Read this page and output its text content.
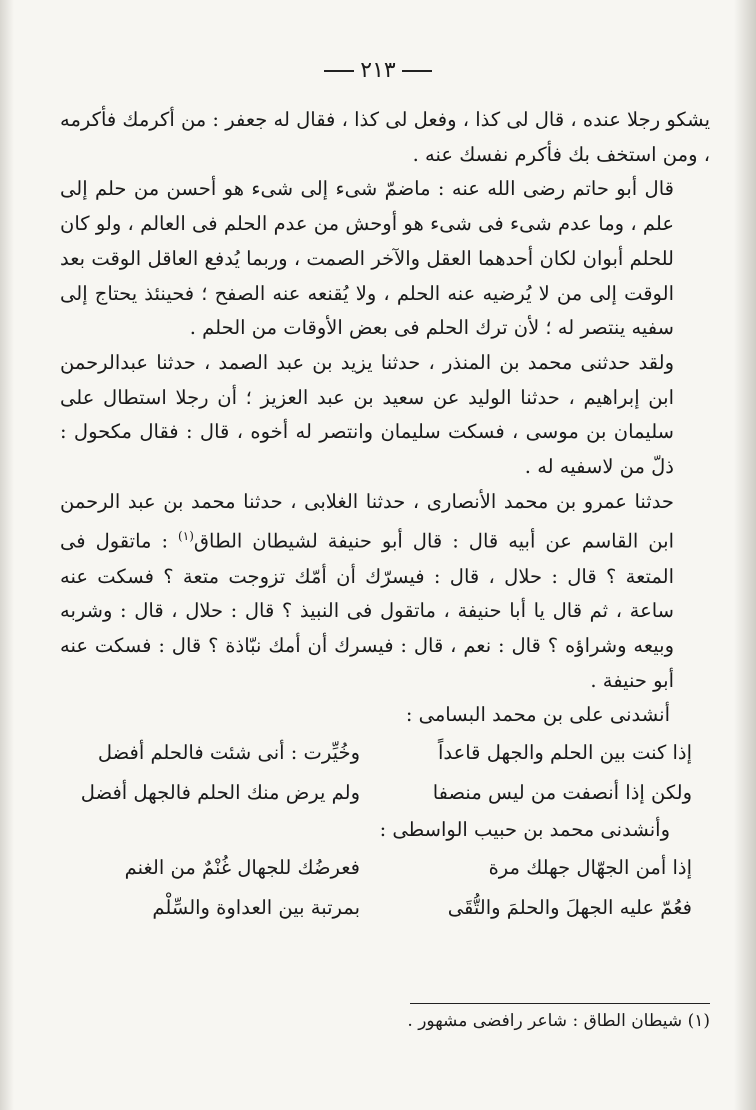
٢١٣

يشكو رجلا عنده ، قال لى كذا ، وفعل لى كذا ، فقال له جعفر : من أكرمك فأكرمه ، ومن استخف بك فأكرم نفسك عنه .

قال أبو حاتم رضى الله عنه : ماضمّ شىء إلى شىء هو أحسن من حلم إلى علم ، وما عدم شىء فى شىء هو أوحش من عدم الحلم فى العالم ، ولو كان للحلم أبوان لكان أحدهما العقل والآخر الصمت ، وربما يُدفع العاقل الوقت بعد الوقت إلى من لا يُرضيه عنه الحلم ، ولا يُقنعه عنه الصفح ؛ فحينئذ يحتاج إلى سفيه ينتصر له ؛ لأن ترك الحلم فى بعض الأوقات من الحلم .

ولقد حدثنى محمد بن المنذر ، حدثنا يزيد بن عبد الصمد ، حدثنا عبدالرحمن ابن إبراهيم ، حدثنا الوليد عن سعيد بن عبد العزيز ؛ أن رجلا استطال على سليمان بن موسى ، فسكت سليمان وانتصر له أخوه ، قال : فقال مكحول : ذلّ من لاسفيه له .

حدثنا عمرو بن محمد الأنصارى ، حدثنا الغلابى ، حدثنا محمد بن عبد الرحمن ابن القاسم عن أبيه قال : قال أبو حنيفة لشيطان الطاق$^{(١)}$ : ماتقول فى المتعة ؟ قال : حلال ، قال : فيسرّك أن أمّك تزوجت متعة ؟ فسكت عنه ساعة ، ثم قال يا أبا حنيفة ، ماتقول فى النبيذ ؟ قال : حلال ، قال : وشربه وبيعه وشراؤه ؟ قال : نعم ، قال : فيسرك أن أمك نبّاذة ؟ قال : فسكت عنه أبو حنيفة .

أنشدنى على بن محمد البسامى :

إذا كنت بين الحلم والجهل قاعداً
وخُيِّرت : أنى شئت فالحلم أفضل
ولكن إذا أنصفت من ليس منصفا
ولم يرض منك الحلم فالجهل أفضل

وأنشدنى محمد بن حبيب الواسطى :

إذا أمن الجهّال جهلك مرة
فعرضُك للجهال غُنْمٌ من الغنم
فعُمّ عليه الجهلَ والحلمَ والتُّقَى
بمرتبة بين العداوة والسِّلْم
(١) شيطان الطاق : شاعر رافضى مشهور .
